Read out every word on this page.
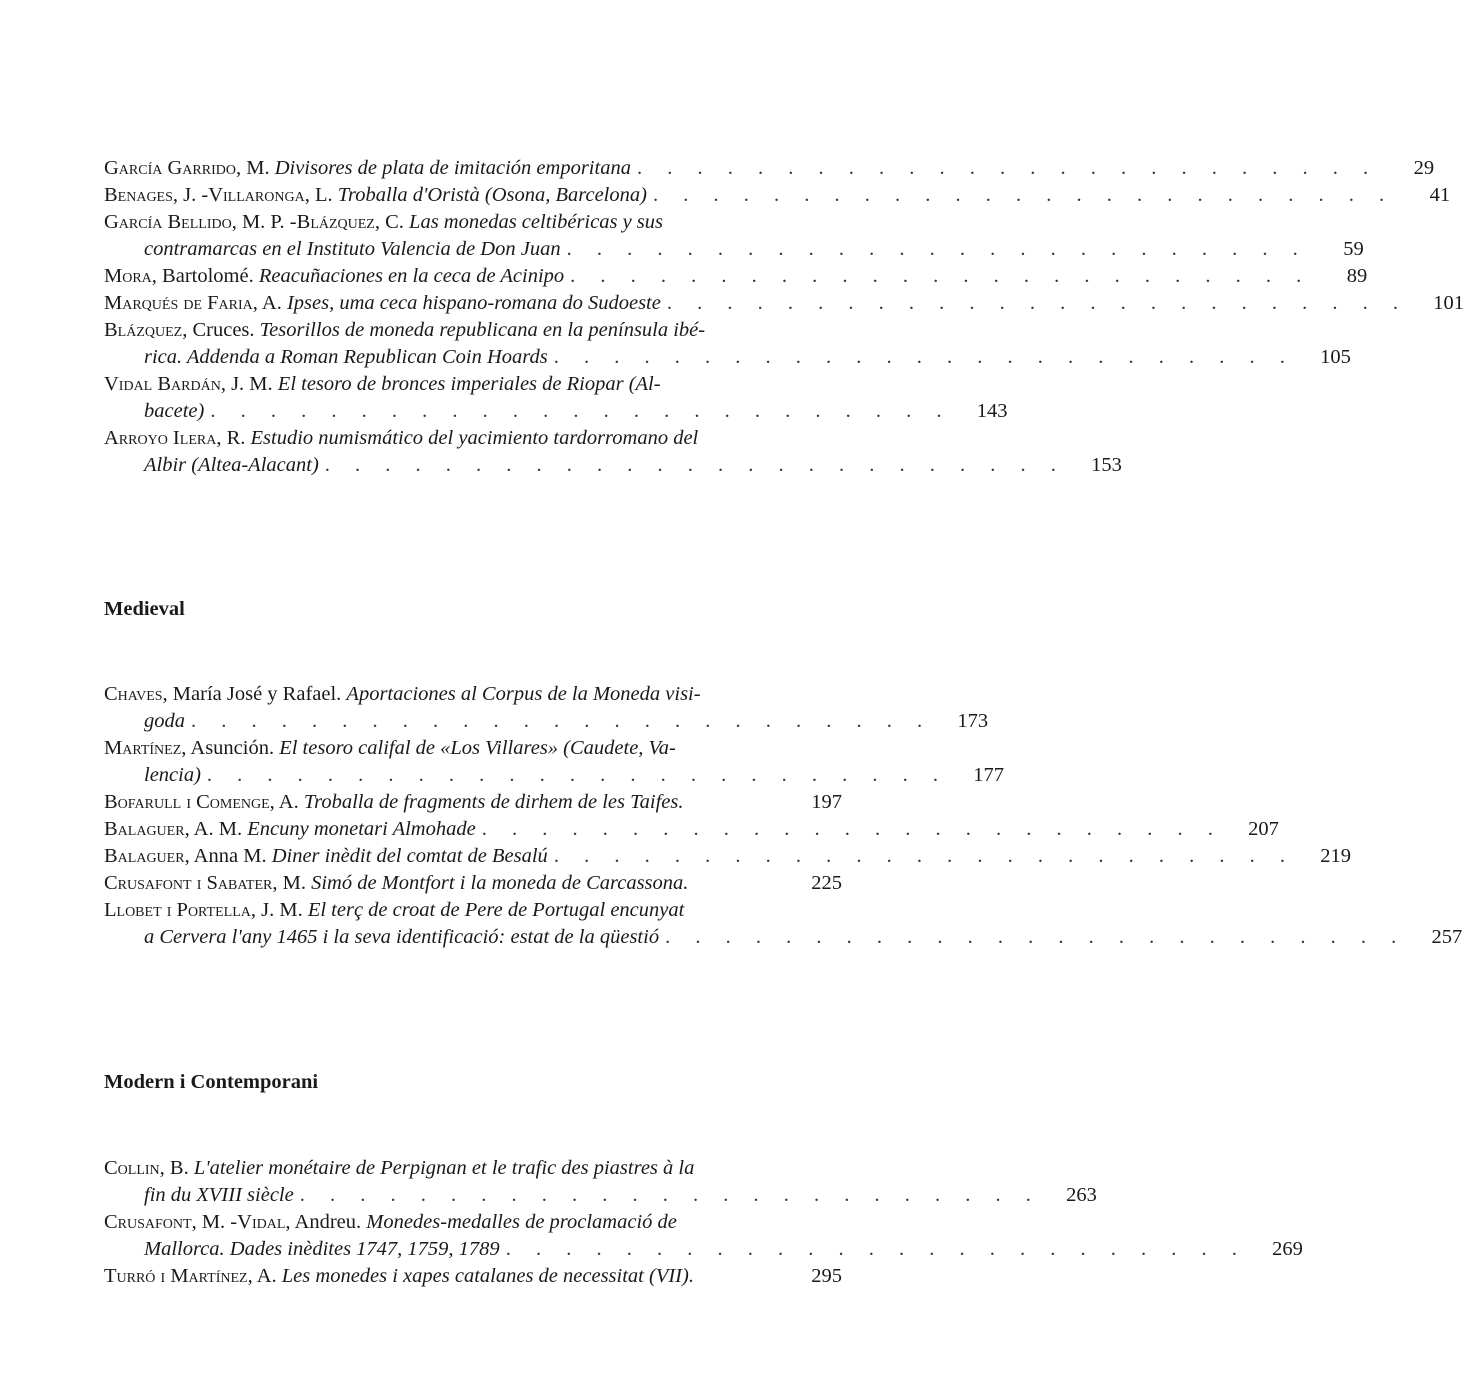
García Garrido , M.
Divisores de plata de imitación emporitana . . . . . . . . . . . . . . . . . . . . . . . . .	29
Benages , J. - Villaronga , L.
Troballa d'Oristà (Osona, Barcelona) . . . . . . . . . . . . . . . . . . . . . . . . .	41
García Bellido , M. P. - Blázquez , C.
Las monedas celtibéricas y sus
contramarcas en el Instituto Valencia de Don Juan . . . . . . . . . . . . . . . . . . . . . . . . .	59
Mora , Bartolomé.
Reacuñaciones en la ceca de Acinipo . . . . . . . . . . . . . . . . . . . . . . . . .	89
Marqués de Faria , A.
Ipses, uma ceca hispano-romana do Sudoeste . . . . . . . . . . . . . . . . . . . . . . . . .	101
Blázquez , Cruces.
Tesorillos de moneda republicana en la península ibé-
rica. Addenda a Roman Republican Coin Hoards . . . . . . . . . . . . . . . . . . . . . . . . .	105
Vidal Bardán , J. M.
El tesoro de bronces imperiales de Riopar (Al-
bacete) . . . . . . . . . . . . . . . . . . . . . . . . .	143
Arroyo Ilera , R.
Estudio numismático del yacimiento tardorromano del
Albir (Altea-Alacant) . . . . . . . . . . . . . . . . . . . . . . . . .	153
Medieval
Chaves , María José y Rafael.
Aportaciones al Corpus de la Moneda visi-
goda . . . . . . . . . . . . . . . . . . . . . . . . .	173
Martínez , Asunción.
El tesoro califal de «Los Villares» (Caudete, Va-
lencia) . . . . . . . . . . . . . . . . . . . . . . . . .	177
Bofarull i Comenge , A.
Troballa de fragments de dirhem de les Taifes.	197
Balaguer , A. M.
Encuny monetari Almohade . . . . . . . . . . . . . . . . . . . . . . . . .	207
Balaguer , Anna M.
Diner inèdit del comtat de Besalú . . . . . . . . . . . . . . . . . . . . . . . . .	219
Crusafont i Sabater , M.
Simó de Montfort i la moneda de Carcassona.	225
Llobet i Portella , J. M.
El terç de croat de Pere de Portugal encunyat
a Cervera l'any 1465 i la seva identificació: estat de la qüestió . . . . . . . . . . . . . . . . . . . . . . . . .	257
Modern i Contemporani
Collin , B.
L'atelier monétaire de Perpignan et le trafic des piastres à la
fin du XVIII siècle . . . . . . . . . . . . . . . . . . . . . . . . .	263
Crusafont , M. - Vidal , Andreu.
Monedes-medalles de proclamació de
Mallorca. Dades inèdites 1747, 1759, 1789 . . . . . . . . . . . . . . . . . . . . . . . . .	269
Turró i Martínez , A.
Les monedes i xapes catalanes de necessitat (VII).	295
